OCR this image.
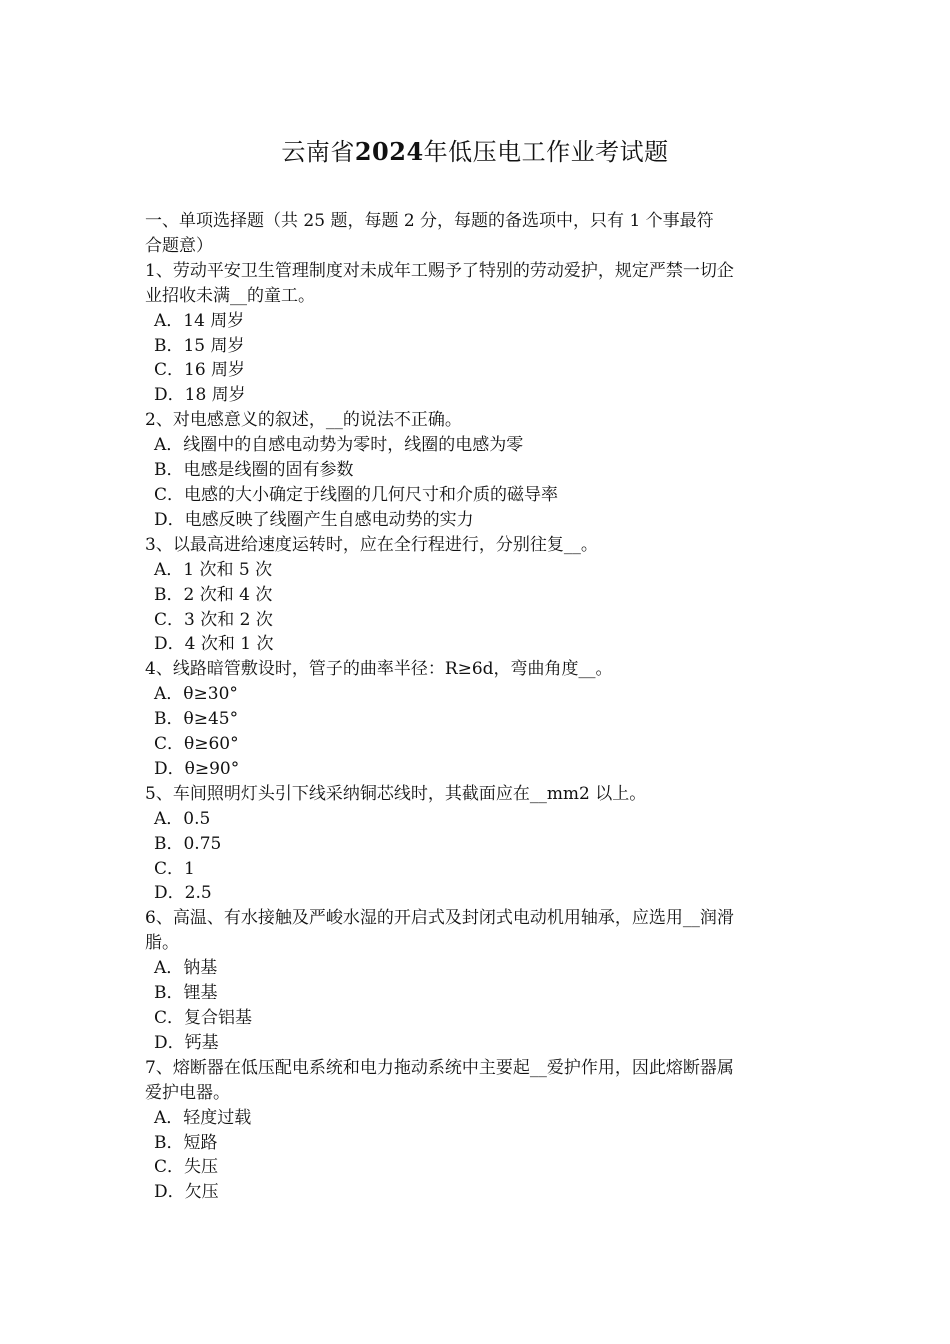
云南省2024年低压电工作业考试题
一、单项选择题（共 25 题，每题 2 分，每题的备选项中，只有 1 个事最符
合题意）
1、劳动平安卫生管理制度对未成年工赐予了特别的劳动爱护，规定严禁一切企
业招收未满__的童工。
A．14 周岁
B．15 周岁
C．16 周岁
D．18 周岁
2、对电感意义的叙述，__的说法不正确。
A．线圈中的自感电动势为零时，线圈的电感为零
B．电感是线圈的固有参数
C．电感的大小确定于线圈的几何尺寸和介质的磁导率
D．电感反映了线圈产生自感电动势的实力
3、以最高进给速度运转时，应在全行程进行，分别往复__。
A．1 次和 5 次
B．2 次和 4 次
C．3 次和 2 次
D．4 次和 1 次
4、线路暗管敷设时，管子的曲率半径：R≥6d，弯曲角度__。
A．θ≥30°
B．θ≥45°
C．θ≥60°
D．θ≥90°
5、车间照明灯头引下线采纳铜芯线时，其截面应在__mm2 以上。
A．0.5
B．0.75
C．1
D．2.5
6、高温、有水接触及严峻水湿的开启式及封闭式电动机用轴承，应选用__润滑
脂。
A．钠基
B．锂基
C．复合铝基
D．钙基
7、熔断器在低压配电系统和电力拖动系统中主要起__爱护作用，因此熔断器属
爱护电器。
A．轻度过载
B．短路
C．失压
D．欠压
